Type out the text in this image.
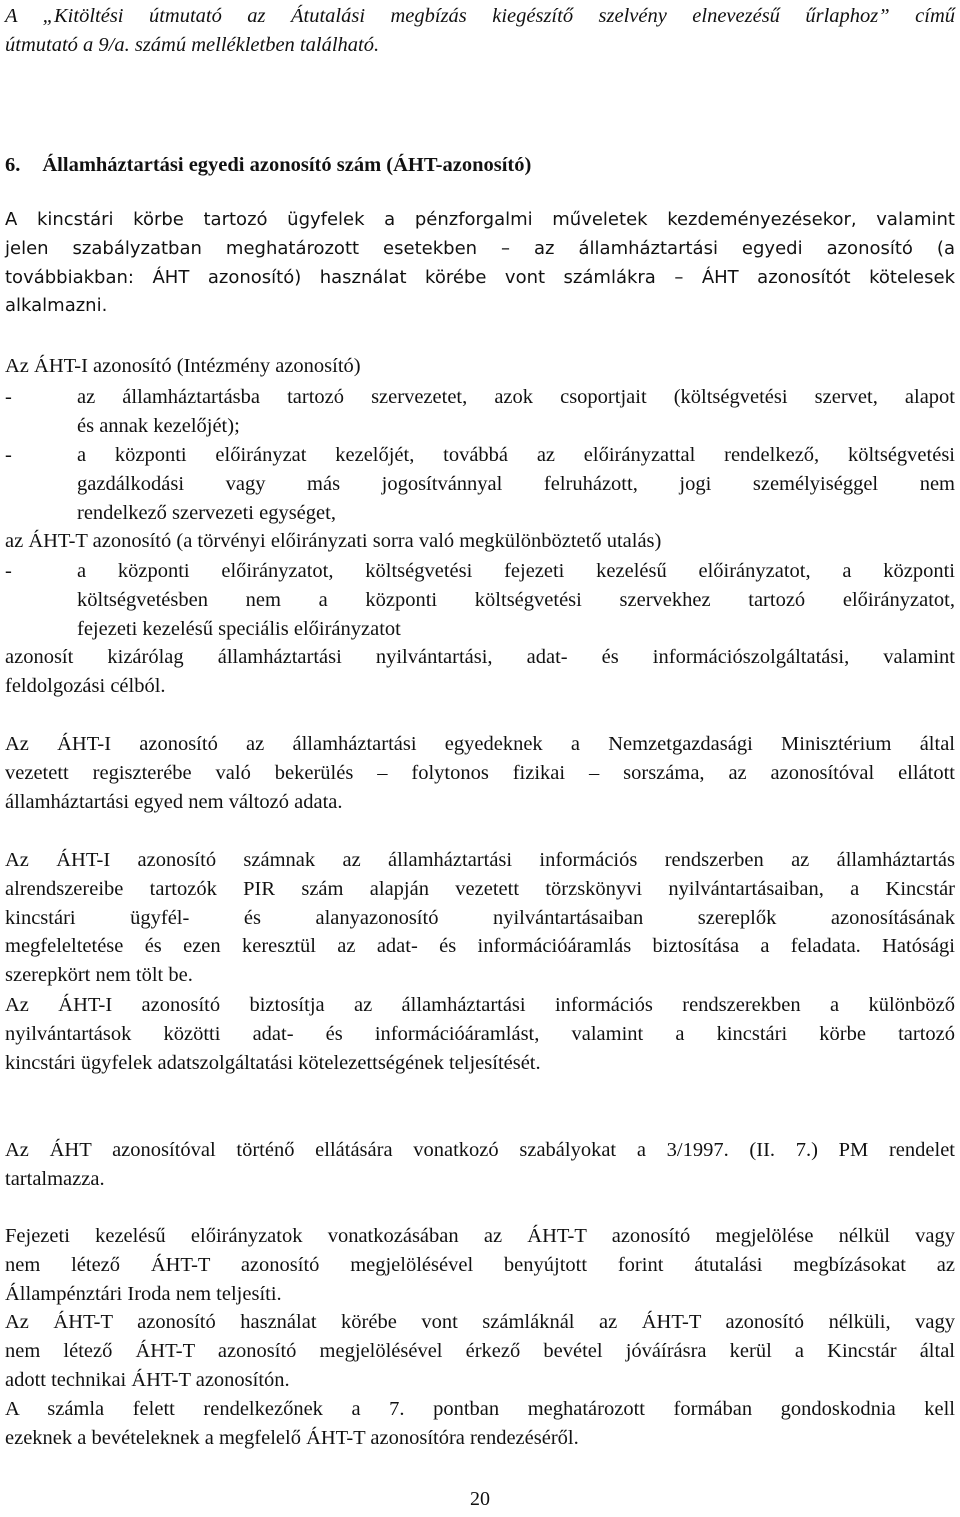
A „Kitöltési útmutató az Átutalási megbízás kiegészítő szelvény elnevezésű űrlaphoz” című
útmutató a 9/a. számú mellékletben található.
6. Államháztartási egyedi azonosító szám (ÁHT-azonosító)
A kincstári körbe tartozó ügyfelek a pénzforgalmi műveletek kezdeményezésekor, valamint
jelen szabályzatban meghatározott esetekben – az államháztartási egyedi azonosító (a
továbbiakban: ÁHT azonosító) használat körébe vont számlákra – ÁHT azonosítót kötelesek
alkalmazni.
Az ÁHT-I azonosító (Intézmény azonosító)
-	az államháztartásba tartozó szervezetet, azok csoportjait (költségvetési szervet, alapot
és annak kezelőjét);
-	a központi előirányzat kezelőjét, továbbá az előirányzattal rendelkező, költségvetési
gazdálkodási vagy más jogosítvánnyal felruházott, jogi személyiséggel nem
rendelkező szervezeti egységet,
az ÁHT-T azonosító (a törvényi előirányzati sorra való megkülönböztető utalás)
-	a központi előirányzatot, költségvetési fejezeti kezelésű előirányzatot, a központi
költségvetésben nem a központi költségvetési szervekhez tartozó előirányzatot,
fejezeti kezelésű speciális előirányzatot
azonosít kizárólag államháztartási nyilvántartási, adat- és információszolgáltatási, valamint
feldolgozási célból.
Az ÁHT-I azonosító az államháztartási egyedeknek a Nemzetgazdasági Minisztérium által
vezetett regiszterébe való bekerülés – folytonos fizikai – sorszáma, az azonosítóval ellátott
államháztartási egyed nem változó adata.
Az ÁHT-I azonosító számnak az államháztartási információs rendszerben az államháztartás
alrendszereibe tartozók PIR szám alapján vezetett törzskönyvi nyilvántartásaiban, a Kincstár
kincstári ügyfél- és alanyazonosító nyilvántartásaiban szereplők azonosításának
megfeleltetése és ezen keresztül az adat- és információáramlás biztosítása a feladata. Hatósági
szerepkört nem tölt be.
Az ÁHT-I azonosító biztosítja az államháztartási információs rendszerekben a különböző
nyilvántartások közötti adat- és információáramlást, valamint a kincstári körbe tartozó
kincstári ügyfelek adatszolgáltatási kötelezettségének teljesítését.
Az ÁHT azonosítóval történő ellátására vonatkozó szabályokat a 3/1997. (II. 7.) PM rendelet
tartalmazza.
Fejezeti kezelésű előirányzatok vonatkozásában az ÁHT-T azonosító megjelölése nélkül vagy
nem létező ÁHT-T azonosító megjelölésével benyújtott forint átutalási megbízásokat az
Állampénztári Iroda nem teljesíti.
Az ÁHT-T azonosító használat körébe vont számláknál az ÁHT-T azonosító nélküli, vagy
nem létező ÁHT-T azonosító megjelölésével érkező bevétel jóváírásra kerül a Kincstár által
adott technikai ÁHT-T azonosítón.
A számla felett rendelkezőnek a 7. pontban meghatározott formában gondoskodnia kell
ezeknek a bevételeknek a megfelelő ÁHT-T azonosítóra rendezéséről.
20
